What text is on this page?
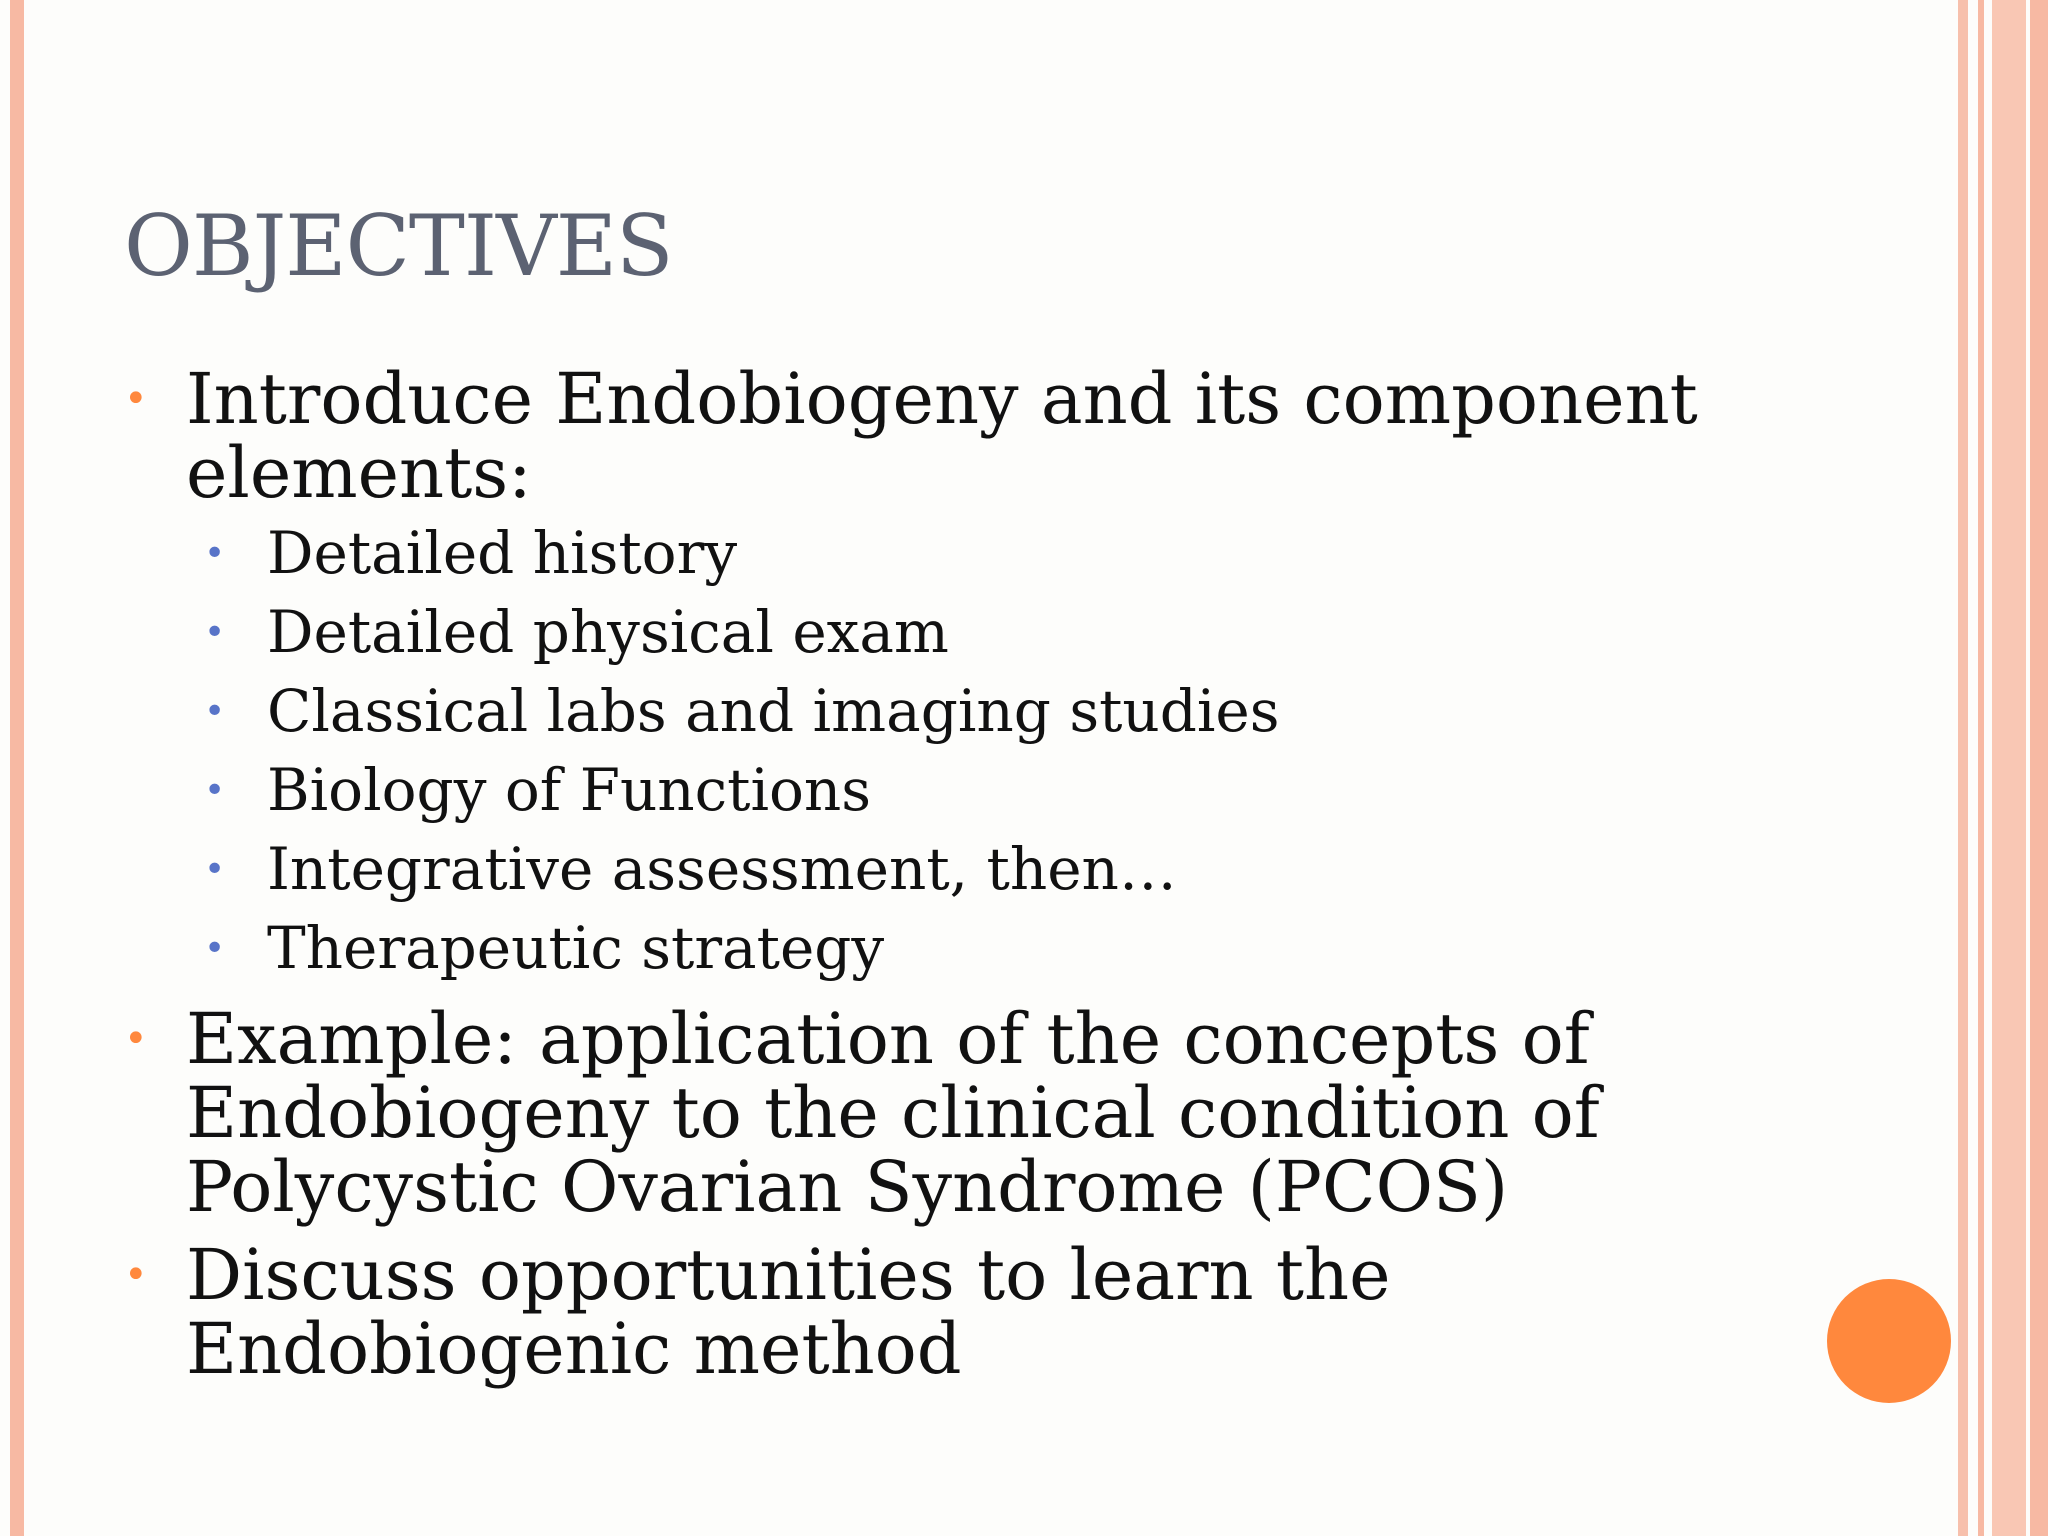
OBJECTIVES
• Introduce Endobiogeny and its component elements:
• Detailed history
• Detailed physical exam
• Classical labs and imaging studies
• Biology of Functions
• Integrative assessment, then…
• Therapeutic strategy
• Example: application of the concepts of Endobiogeny to the clinical condition of Polycystic Ovarian Syndrome (PCOS)
• Discuss opportunities to learn the Endobiogenic method
